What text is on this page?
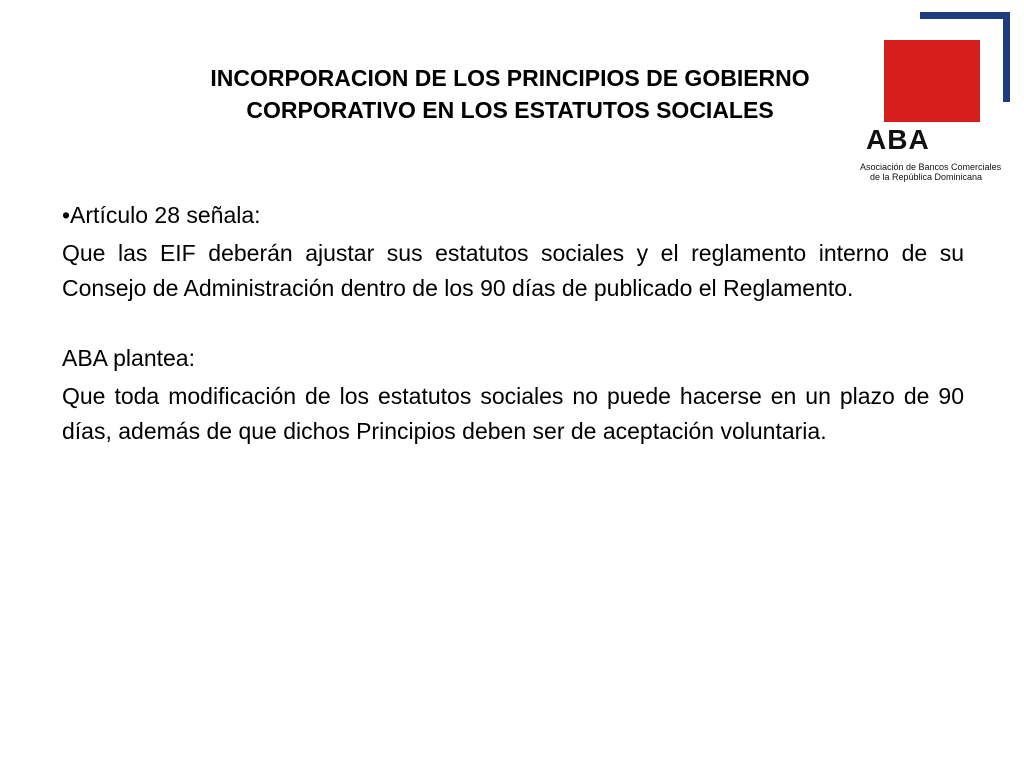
INCORPORACION DE LOS PRINCIPIOS DE GOBIERNO
CORPORATIVO EN LOS ESTATUTOS SOCIALES
ABA
Asociación de Bancos Comerciales
de la República Dominicana

•Artículo 28 señala:

Que las EIF deberán ajustar sus estatutos sociales y el reglamento interno de su Consejo de Administración dentro de los 90 días de publicado el Reglamento.

ABA plantea:

Que toda modificación de los estatutos sociales no puede hacerse en un plazo de 90 días, además de que dichos Principios deben ser de aceptación voluntaria.
